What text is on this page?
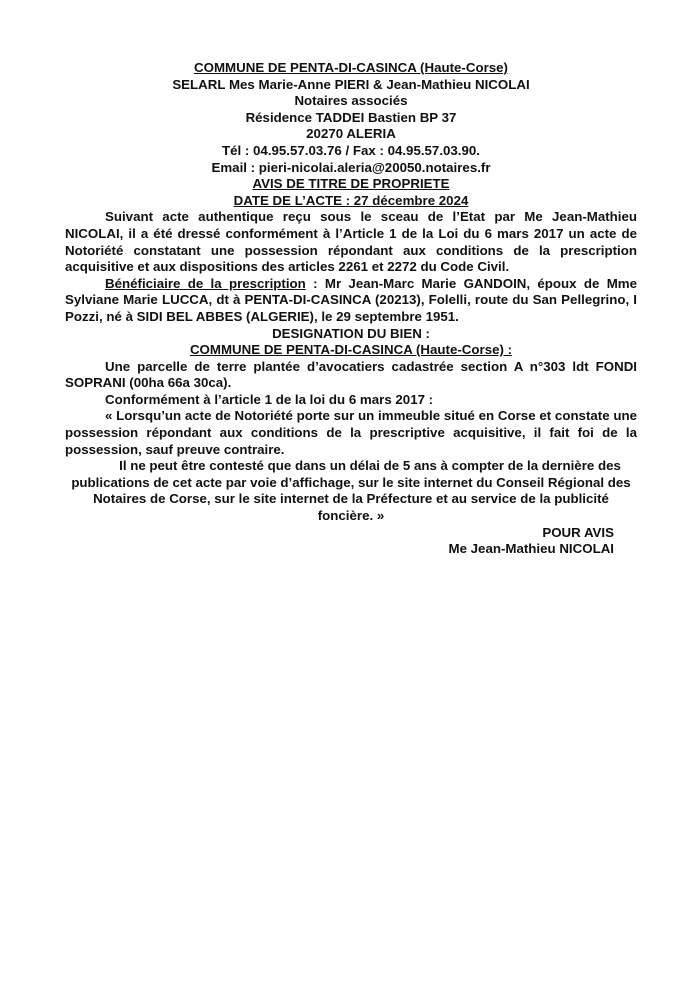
COMMUNE DE PENTA-DI-CASINCA (Haute-Corse)
SELARL Mes Marie-Anne PIERI & Jean-Mathieu NICOLAI
Notaires associés
Résidence TADDEI Bastien BP 37
20270 ALERIA
Tél : 04.95.57.03.76 / Fax : 04.95.57.03.90.
Email : pieri-nicolai.aleria@20050.notaires.fr
AVIS DE TITRE DE PROPRIETE
DATE DE L’ACTE : 27 décembre 2024

Suivant acte authentique reçu sous le sceau de l’Etat par Me Jean-Mathieu NICOLAI, il a été dressé conformément à l’Article 1 de la Loi du 6 mars 2017 un acte de Notoriété constatant une possession répondant aux conditions de la prescription acquisitive et aux dispositions des articles 2261 et 2272 du Code Civil.

Bénéficiaire de la prescription : Mr Jean-Marc Marie GANDOIN, époux de Mme Sylviane Marie LUCCA, dt à PENTA-DI-CASINCA (20213), Folelli, route du San Pellegrino, I Pozzi, né à SIDI BEL ABBES (ALGERIE), le 29 septembre 1951.

DESIGNATION DU BIEN :

COMMUNE DE PENTA-DI-CASINCA (Haute-Corse) :

Une parcelle de terre plantée d’avocatiers cadastrée section A n°303 ldt FONDI SOPRANI (00ha 66a 30ca).

Conformément à l’article 1 de la loi du 6 mars 2017 :

« Lorsqu’un acte de Notoriété porte sur un immeuble situé en Corse et constate une possession répondant aux conditions de la prescriptive acquisitive, il fait foi de la possession, sauf preuve contraire.

Il ne peut être contesté que dans un délai de 5 ans à compter de la dernière des publications de cet acte par voie d’affichage, sur le site internet du Conseil Régional des Notaires de Corse, sur le site internet de la Préfecture et au service de la publicité foncière. »

POUR AVIS

Me Jean-Mathieu NICOLAI
